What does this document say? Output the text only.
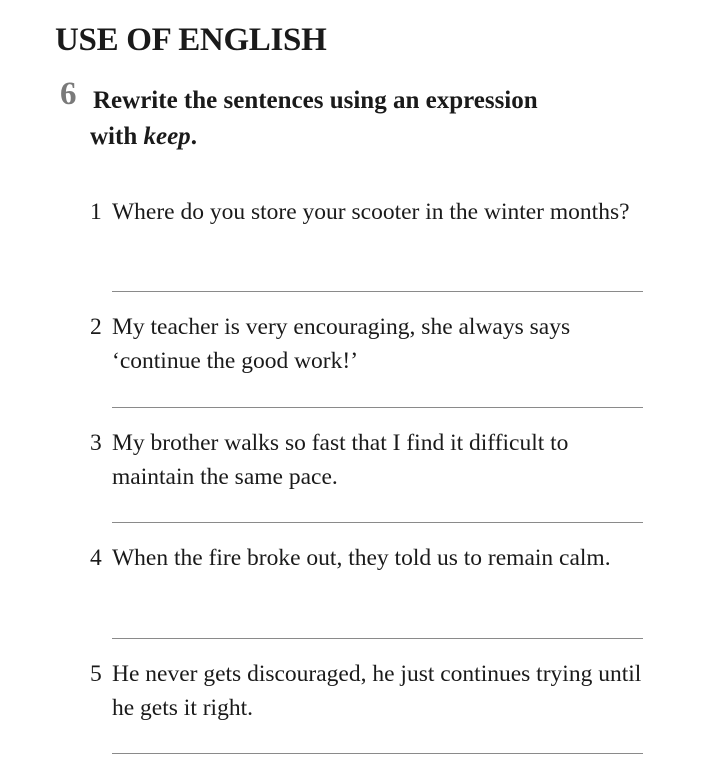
USE OF ENGLISH
6 Rewrite the sentences using an expression
with keep.

1 Where do you store your scooter in the winter months?
2 My teacher is very encouraging, she always says ‘continue the good work!’
3 My brother walks so fast that I find it difficult to maintain the same pace.
4 When the fire broke out, they told us to remain calm.
5 He never gets discouraged, he just continues trying until he gets it right.
